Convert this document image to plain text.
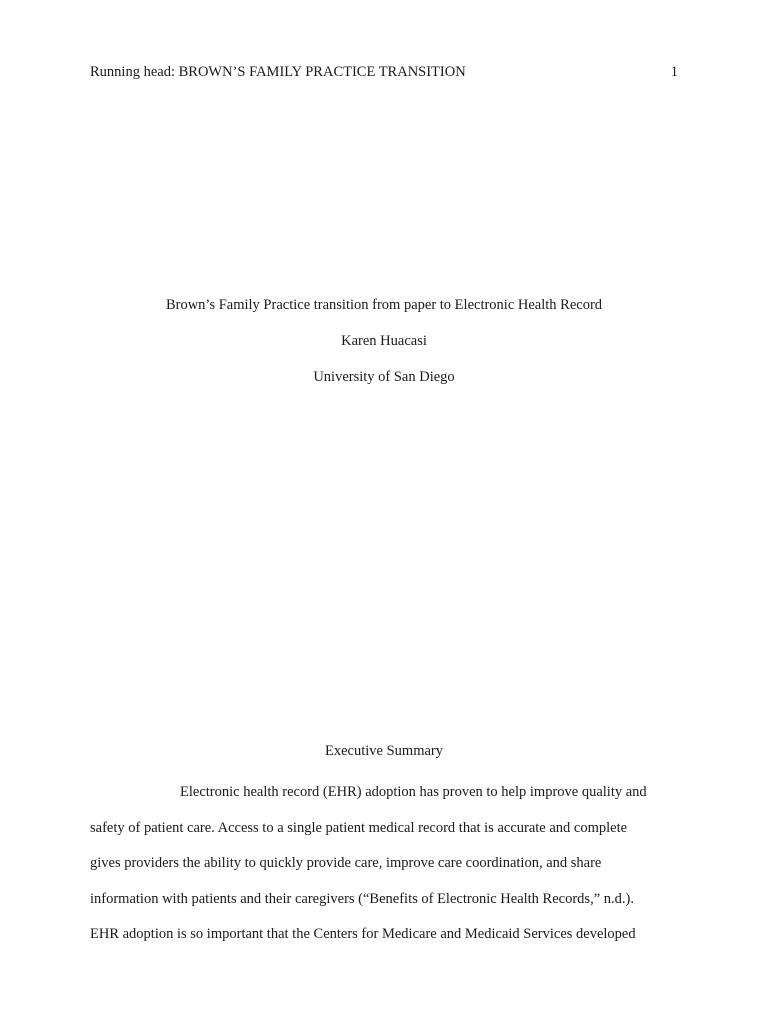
Running head: BROWN’S FAMILY PRACTICE TRANSITION	1
Brown’s Family Practice transition from paper to Electronic Health Record
Karen Huacasi
University of San Diego
Executive Summary

Electronic health record (EHR) adoption has proven to help improve quality and
safety of patient care. Access to a single patient medical record that is accurate and complete
gives providers the ability to quickly provide care, improve care coordination, and share
information with patients and their caregivers (“Benefits of Electronic Health Records,” n.d.).
EHR adoption is so important that the Centers for Medicare and Medicaid Services developed
